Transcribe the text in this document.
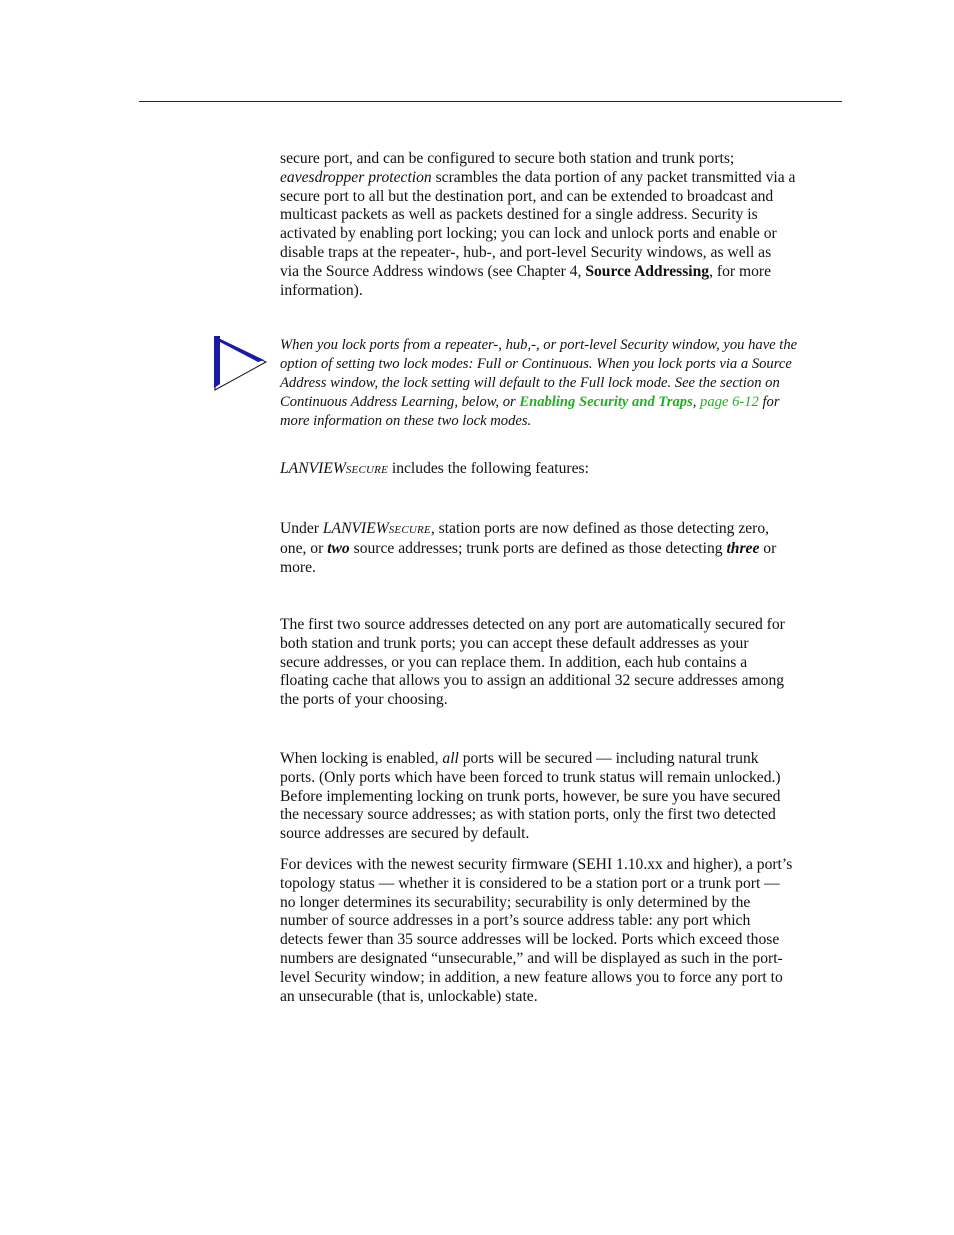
secure port, and can be configured to secure both station and trunk ports;
eavesdropper protection scrambles the data portion of any packet transmitted via a
secure port to all but the destination port, and can be extended to broadcast and
multicast packets as well as packets destined for a single address. Security is
activated by enabling port locking; you can lock and unlock ports and enable or
disable traps at the repeater-, hub-, and port-level Security windows, as well as
via the Source Address windows (see Chapter 4, Source Addressing, for more
information).

When you lock ports from a repeater-, hub,-, or port-level Security window, you have the
option of setting two lock modes: Full or Continuous. When you lock ports via a Source
Address window, the lock setting will default to the Full lock mode. See the section on
Continuous Address Learning, below, or Enabling Security and Traps, page 6-12 for
more information on these two lock modes.

LANVIEWSECURE includes the following features:

Under LANVIEWSECURE, station ports are now defined as those detecting zero,
one, or two source addresses; trunk ports are defined as those detecting three or
more.

The first two source addresses detected on any port are automatically secured for
both station and trunk ports; you can accept these default addresses as your
secure addresses, or you can replace them. In addition, each hub contains a
floating cache that allows you to assign an additional 32 secure addresses among
the ports of your choosing.

When locking is enabled, all ports will be secured — including natural trunk
ports. (Only ports which have been forced to trunk status will remain unlocked.)
Before implementing locking on trunk ports, however, be sure you have secured
the necessary source addresses; as with station ports, only the first two detected
source addresses are secured by default.

For devices with the newest security firmware (SEHI 1.10.xx and higher), a port’s
topology status — whether it is considered to be a station port or a trunk port —
no longer determines its securability; securability is only determined by the
number of source addresses in a port’s source address table: any port which
detects fewer than 35 source addresses will be locked. Ports which exceed those
numbers are designated “unsecurable,” and will be displayed as such in the port-
level Security window; in addition, a new feature allows you to force any port to
an unsecurable (that is, unlockable) state.
